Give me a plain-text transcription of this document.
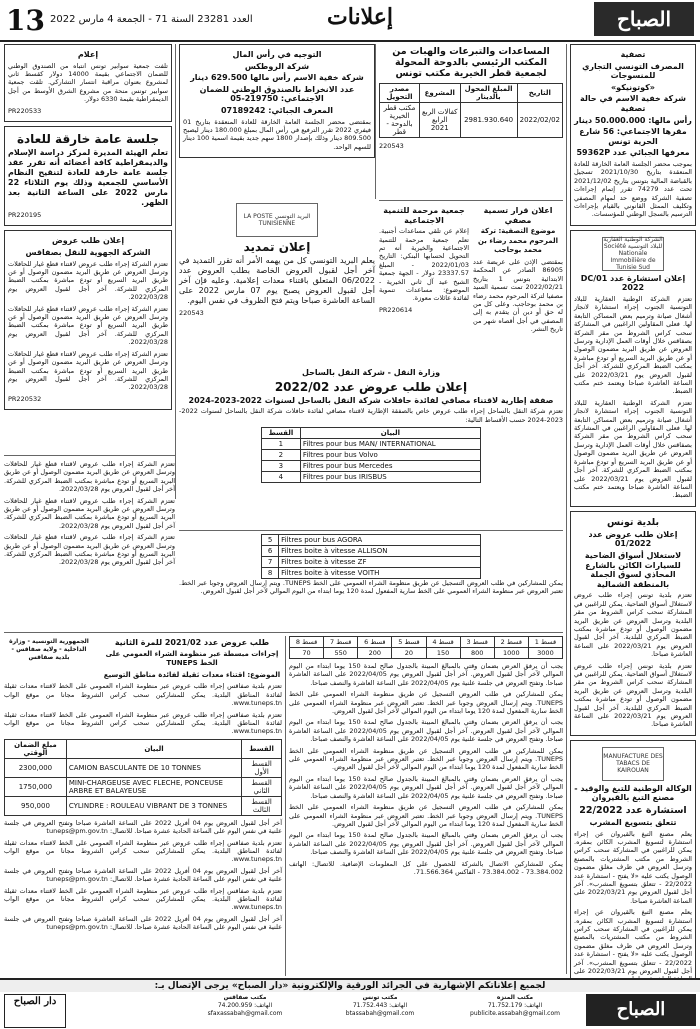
13 العدد 23281 السنة 71 - الجمعة 4 مارس 2022	إعلانات	الصباح
تصفية
المصرف التونسي التجاري للمنسوجات
«كوتونيكو»
شركة خفية الاسم في حالة تصفية
رأس مالها: 50.000.000 دينار
مقرها الاجتماعي: 56 شارع الحرية تونس
معرفها الجبائي عدد 59362P

بموجب محضر الجلسة العامة الخارقة للعادة المنعقدة بتاريخ 2021/10/30 تسجيل بالقباضة المالية بتونس بتاريخ 2021/12/02 تحت عدد 74279 تقرر إتمام إجراءات تصفية الشركة ووضع حد لمهام المصفي وتكليف الممثل القانوني بالقيام بإجراءات الترسيم بالسجل الوطني للمؤسسات.

الشركة الوطنية العقارية للبلاد التونسية Société Nationale Immobilière de Tunisie Sud
إعلان استشارة عدد 01/DC 2022

تعتزم الشركة الوطنية العقارية للبلاد التونسية الجنوب إجراء استشارة لانجاز أشغال صيانة وترميم بعض المساكن التابعة لها. فعلى المقاولين الراغبين في المشاركة سحب كراس الشروط من مقر الشركة بصفاقس خلال أوقات العمل الإدارية وترسل العروض عن طريق البريد مضمون الوصول أو عن طريق البريد السريع أو تودع مباشرة بمكتب الضبط المركزي للشركة. آخر أجل لقبول العروض يوم 2022/03/21 على الساعة العاشرة صباحا ويعتمد ختم مكتب الضبط.

تعتزم الشركة الوطنية العقارية للبلاد التونسية الجنوب إجراء استشارة لانجاز أشغال صيانة وترميم بعض المساكن التابعة لها. فعلى المقاولين الراغبين في المشاركة سحب كراس الشروط من مقر الشركة بصفاقس خلال أوقات العمل الإدارية وترسل العروض عن طريق البريد مضمون الوصول أو عن طريق البريد السريع أو تودع مباشرة بمكتب الضبط المركزي للشركة. آخر أجل لقبول العروض يوم 2022/03/21 على الساعة العاشرة صباحا ويعتمد ختم مكتب الضبط.

بلدية تونس
إعلان طلب عروض عدد 01/2022
لاستغلال أسواق الضاحية للسيارات الكائن بالشارع المحاذي لسوق الجملة بالمنطقة الشمالية

تعتزم بلدية تونس إجراء طلب عروض لاستغلال أسواق الضاحية. يمكن للراغبين في المشاركة سحب كراس الشروط من مقر البلدية وترسل العروض عن طريق البريد مضمون الوصول أو تودع مباشرة بمكتب الضبط المركزي للبلدية. آخر أجل لقبول العروض يوم 2022/03/21 على الساعة العاشرة صباحا.

تعتزم بلدية تونس إجراء طلب عروض لاستغلال أسواق الضاحية. يمكن للراغبين في المشاركة سحب كراس الشروط من مقر البلدية وترسل العروض عن طريق البريد مضمون الوصول أو تودع مباشرة بمكتب الضبط المركزي للبلدية. آخر أجل لقبول العروض يوم 2022/03/21 على الساعة العاشرة صباحا.

MANUFACTURE DES TABACS DE KAIROUAN
الوكالة الوطنية للتبغ والوقيد - مصنع التبغ بالقيروان
استشارة عدد 22/2022
تتعلق بتسويغ المشرب

يعلم مصنع التبغ بالقيروان عن إجراء استشارة لتسويغ المشرب الكائن بمقره. يمكن للراغبين في المشاركة سحب كراس الشروط من مكتب المشتريات بالمصنع وترسل العروض في ظرف مغلق مضمون الوصول يكتب عليه «لا يفتح - استشارة عدد 22/2022 - تتعلق بتسويغ المشرب». آخر أجل لقبول العروض يوم 2022/03/21 على الساعة العاشرة صباحا.

يعلم مصنع التبغ بالقيروان عن إجراء استشارة لتسويغ المشرب الكائن بمقره. يمكن للراغبين في المشاركة سحب كراس الشروط من مكتب المشتريات بالمصنع وترسل العروض في ظرف مغلق مضمون الوصول يكتب عليه «لا يفتح - استشارة عدد 22/2022 - تتعلق بتسويغ المشرب». آخر أجل لقبول العروض يوم 2022/03/21 على

المساعدات والتبرعات والهبات من المكتب الرئيسي بالدوحة المحولة لجمعية قطر الخيرية مكتب تونس
التاريخ	المبلغ المحول بالدينار	المشروع	مصدر التحويل
2022/02/02	2981.930.640	كفالات الربع الرابع 2021	مكتب قطر الخيرية بالدوحة - قطر
220543
التوجيه في رأس المال
شركة الروطكس
شركة خفية الاسم رأس مالها 629.500 دينار
عدد الانخراط بالصندوق الوطني للضمان الاجتماعي: 219750-05
المعرف الجبائي: 07189242

بمقتضى محضر الجلسة العامة الخارقة للعادة المنعقدة بتاريخ 01 فيفري 2022 تقرر الترفيع في رأس المال بمبلغ 180.000 دينار ليصبح 809.500 دينار وذلك بإصدار 1800 سهم جديد بقيمة اسمية 100 دينار للسهم الواحد.

اعلان قرار تسمية مصفي
موضوع التصفية: تركة المرحوم محمد رضاء بن محمد بوحاجب

بمقتضى الإذن على عريضة عدد 86905 الصادر عن المحكمة الابتدائية بتونس 1 بتاريخ 2022/02/21 تمت تسمية السيد مصفيا لتركة المرحوم محمد رضاء بن محمد بوحاجب. وعلى كل من له حق أو دين أن يتقدم به إلى المصفي في أجل أقصاه شهر من تاريخ النشر.

جمعية مرحمة للتنمية الاجتماعية

إعلام عن تلقي مساعدات أجنبية. تعلم جمعية مرحمة للتنمية الاجتماعية والخيرية أنه تم التحويل لحسابها البنكي: التاريخ 2022/01/03 - المبلغ 23337.57 دولار - الجهة جمعية الشيخ عيد آل ثاني الخيرية - الموضوع: مساعدات تنموية لفائدة عائلات معوزة.

PR220614
البريد التونسي LA POSTE TUNISIENNE
إعلان تمديد

يعلم البريد التونسي كل من يهمه الأمر أنه تقرر التمديد في آخر أجل لقبول العروض الخاصة بطلب العروض عدد 06/2022 المتعلق باقتناء معدات إعلامية. وعليه فإن آخر أجل لقبول العروض يصبح يوم 07 مارس 2022 على الساعة العاشرة صباحا ويتم فتح الظروف في نفس اليوم.

220543
إعلام

تلفت جمعية سوابير تونس انتباه من الصندوق الوطني للضمان الاجتماعي بقيمة 14000 دولار كقسط ثاني لمشروع بعنوان مراقبة انتسار التشاركي. تلقت جمعية سوابير تونس منحة من مشروع الشرق الأوسط من أجل الديمقراطية بقيمة 6330 دولار.

PR220533
جلسة عامة خارقة للعادة

تعلم الهيئة المديرة لمركز دراسة الإسلام والديمقراطية كافة أعضائه أنه تقرر عقد جلسة عامة خارقة للعادة لتنقيح النظام الأساسي للجمعية وذلك يوم الثلاثاء 22 مارس 2022 على الساعة الثانية بعد الظهر.

PR220195
إعلان طلب عروض
الشركة الجهوية للنقل بصفاقس

تعتزم الشركة إجراء طلب عروض لاقتناء قطع غيار للحافلات وترسل العروض عن طريق البريد مضمون الوصول أو عن طريق البريد السريع أو تودع مباشرة بمكتب الضبط المركزي للشركة. آخر أجل لقبول العروض يوم 2022/03/28.

تعتزم الشركة إجراء طلب عروض لاقتناء قطع غيار للحافلات وترسل العروض عن طريق البريد مضمون الوصول أو عن طريق البريد السريع أو تودع مباشرة بمكتب الضبط المركزي للشركة. آخر أجل لقبول العروض يوم 2022/03/28.

تعتزم الشركة إجراء طلب عروض لاقتناء قطع غيار للحافلات وترسل العروض عن طريق البريد مضمون الوصول أو عن طريق البريد السريع أو تودع مباشرة بمكتب الضبط المركزي للشركة. آخر أجل لقبول العروض يوم 2022/03/28.

PR220532
وزارة النقل - شركة النقل بالساحل
إعلان طلب عروض عدد 2022/02
صفقة إطارية لاقتناء مصافي لفائدة حافلات شركة النقل بالساحل لسنوات 2022-2023-2024

تعتزم شركة النقل بالساحل إجراء طلب عروض خاص بالصفقة الإطارية لاقتناء مصافي لفائدة حافلات شركة النقل بالساحل لسنوات 2022-2023-2024 حسب الأقساط التالية:

البيان	القسط
Filtres pour bus MAN/ INTERNATIONAL	1
Filtres pour bus Volvo	2
Filtres pour bus Mercedes	3
Filtres pour bus IRISBUS	4
Filtres pour bus AGORA	5
Filtres boite à vitesse ALLISON	6
Filtres boite à vitesse ZF	7
Filtres boite à vitesse VOITH	8

يمكن للمشاركين في طلب العروض التسجيل عن طريق منظومة الشراء العمومي على الخط TUNEPS. ويتم إرسال العروض وجوبا عبر الخط. تعتبر العروض عبر منظومة الشراء العمومي على الخط سارية المفعول لمدة 120 يوما ابتداء من اليوم الموالي لآخر أجل لقبول العروض.

تعتزم الشركة إجراء طلب عروض لاقتناء قطع غيار للحافلات وترسل العروض عن طريق البريد مضمون الوصول أو عن طريق البريد السريع أو تودع مباشرة بمكتب الضبط المركزي للشركة. آخر أجل لقبول العروض يوم 2022/03/28.

تعتزم الشركة إجراء طلب عروض لاقتناء قطع غيار للحافلات وترسل العروض عن طريق البريد مضمون الوصول أو عن طريق البريد السريع أو تودع مباشرة بمكتب الضبط المركزي للشركة. آخر أجل لقبول العروض يوم 2022/03/28.

تعتزم الشركة إجراء طلب عروض لاقتناء قطع غيار للحافلات وترسل العروض عن طريق البريد مضمون الوصول أو عن طريق البريد السريع أو تودع مباشرة بمكتب الضبط المركزي للشركة. آخر أجل لقبول العروض يوم 2022/03/28.

قسط 8	قسط 7	قسط 6	قسط 5	قسط 4	قسط 3	قسط 2	قسط 1
70	550	200	20	150	800	1000	3000

يجب أن يرفق العرض بضمان وقتي بالمبالغ المبينة بالجدول صالح لمدة 150 يوما ابتداء من اليوم الموالي لآخر أجل لقبول العروض. آخر أجل لقبول العروض يوم 2022/04/05 على الساعة العاشرة صباحا. وتفتح العروض في جلسة علنية يوم 2022/04/05 على الساعة العاشرة والنصف صباحا.

يمكن للمشاركين في طلب العروض التسجيل عن طريق منظومة الشراء العمومي على الخط TUNEPS. ويتم إرسال العروض وجوبا عبر الخط. تعتبر العروض عبر منظومة الشراء العمومي على الخط سارية المفعول لمدة 120 يوما ابتداء من اليوم الموالي لآخر أجل لقبول العروض.

يجب أن يرفق العرض بضمان وقتي بالمبالغ المبينة بالجدول صالح لمدة 150 يوما ابتداء من اليوم الموالي لآخر أجل لقبول العروض. آخر أجل لقبول العروض يوم 2022/04/05 على الساعة العاشرة صباحا. وتفتح العروض في جلسة علنية يوم 2022/04/05 على الساعة العاشرة والنصف صباحا.

يمكن للمشاركين في طلب العروض التسجيل عن طريق منظومة الشراء العمومي على الخط TUNEPS. ويتم إرسال العروض وجوبا عبر الخط. تعتبر العروض عبر منظومة الشراء العمومي على الخط سارية المفعول لمدة 120 يوما ابتداء من اليوم الموالي لآخر أجل لقبول العروض.

يجب أن يرفق العرض بضمان وقتي بالمبالغ المبينة بالجدول صالح لمدة 150 يوما ابتداء من اليوم الموالي لآخر أجل لقبول العروض. آخر أجل لقبول العروض يوم 2022/04/05 على الساعة العاشرة صباحا. وتفتح العروض في جلسة علنية يوم 2022/04/05 على الساعة العاشرة والنصف صباحا.

يمكن للمشاركين في طلب العروض التسجيل عن طريق منظومة الشراء العمومي على الخط TUNEPS. ويتم إرسال العروض وجوبا عبر الخط. تعتبر العروض عبر منظومة الشراء العمومي على الخط سارية المفعول لمدة 120 يوما ابتداء من اليوم الموالي لآخر أجل لقبول العروض.

يجب أن يرفق العرض بضمان وقتي بالمبالغ المبينة بالجدول صالح لمدة 150 يوما ابتداء من اليوم الموالي لآخر أجل لقبول العروض. آخر أجل لقبول العروض يوم 2022/04/05 على الساعة العاشرة صباحا. وتفتح العروض في جلسة علنية يوم 2022/04/05 على الساعة العاشرة والنصف صباحا.

يمكن للمشاركين الاتصال بالشركة للحصول على كل المعلومات الإضافية. للاتصال: الهاتف 73.384.002 - 73.384.002 - الفاكس 71.566.364.

طلب عروض عدد 2021/02 للمرة الثانية
إجراءات مبسطة عبر منظومة الشراء العمومي على الخط TUNEPS
الموضوع: اقتناء معدات ثقيلة لفائدة مناطق التوسيع
الجمهورية التونسية - وزارة الداخلية - ولاية صفاقس - بلدية صفاقس

تعتزم بلدية صفاقس إجراء طلب عروض عبر منظومة الشراء العمومي على الخط لاقتناء معدات ثقيلة لفائدة المناطق البلدية. يمكن للمشاركين سحب كراس الشروط مجانا من موقع الواب www.tuneps.tn.

تعتزم بلدية صفاقس إجراء طلب عروض عبر منظومة الشراء العمومي على الخط لاقتناء معدات ثقيلة لفائدة المناطق البلدية. يمكن للمشاركين سحب كراس الشروط مجانا من موقع الواب www.tuneps.tn.

القسط	البيان	مبلغ الضمان الوقتي
القسط الأول	CAMION BASCULANTE DE 10 TONNES	2300,000
القسط الثاني	MINI-CHARGEUSE AVEC FLECHE, PONCEUSE ARBRE ET BALAYEUSE	1750,000
القسط الثالث	CYLINDRE : ROULEAU VIBRANT DE 3 TONNES	950,000

آخر أجل لقبول العروض يوم 04 أفريل 2022 على الساعة العاشرة صباحا وتفتح العروض في جلسة علنية في نفس اليوم على الساعة الحادية عشرة صباحا. للاتصال: tuneps@pm.gov.tn

تعتزم بلدية صفاقس إجراء طلب عروض عبر منظومة الشراء العمومي على الخط لاقتناء معدات ثقيلة لفائدة المناطق البلدية. يمكن للمشاركين سحب كراس الشروط مجانا من موقع الواب www.tuneps.tn.

آخر أجل لقبول العروض يوم 04 أفريل 2022 على الساعة العاشرة صباحا وتفتح العروض في جلسة علنية في نفس اليوم على الساعة الحادية عشرة صباحا. للاتصال: tuneps@pm.gov.tn

تعتزم بلدية صفاقس إجراء طلب عروض عبر منظومة الشراء العمومي على الخط لاقتناء معدات ثقيلة لفائدة المناطق البلدية. يمكن للمشاركين سحب كراس الشروط مجانا من موقع الواب www.tuneps.tn.

آخر أجل لقبول العروض يوم 04 أفريل 2022 على الساعة العاشرة صباحا وتفتح العروض في جلسة علنية في نفس اليوم على الساعة الحادية عشرة صباحا. للاتصال: tuneps@pm.gov.tn

لجميع إعلاناتكم الإشهارية في الجرائد الورقية والإلكترونية «دار الصباح» يرجى الإتصال بـ:
الصباح
مكتب المنزه
الهاتف: 71.752.179
publicite.assabah@gmail.com
مكتب تونس
الهاتف: 71.752.443
btassabah@gmail.com
مكتب صفاقس
الهاتف: 74.200.959
sfaxassabah@gmail.com
دار الصباح
